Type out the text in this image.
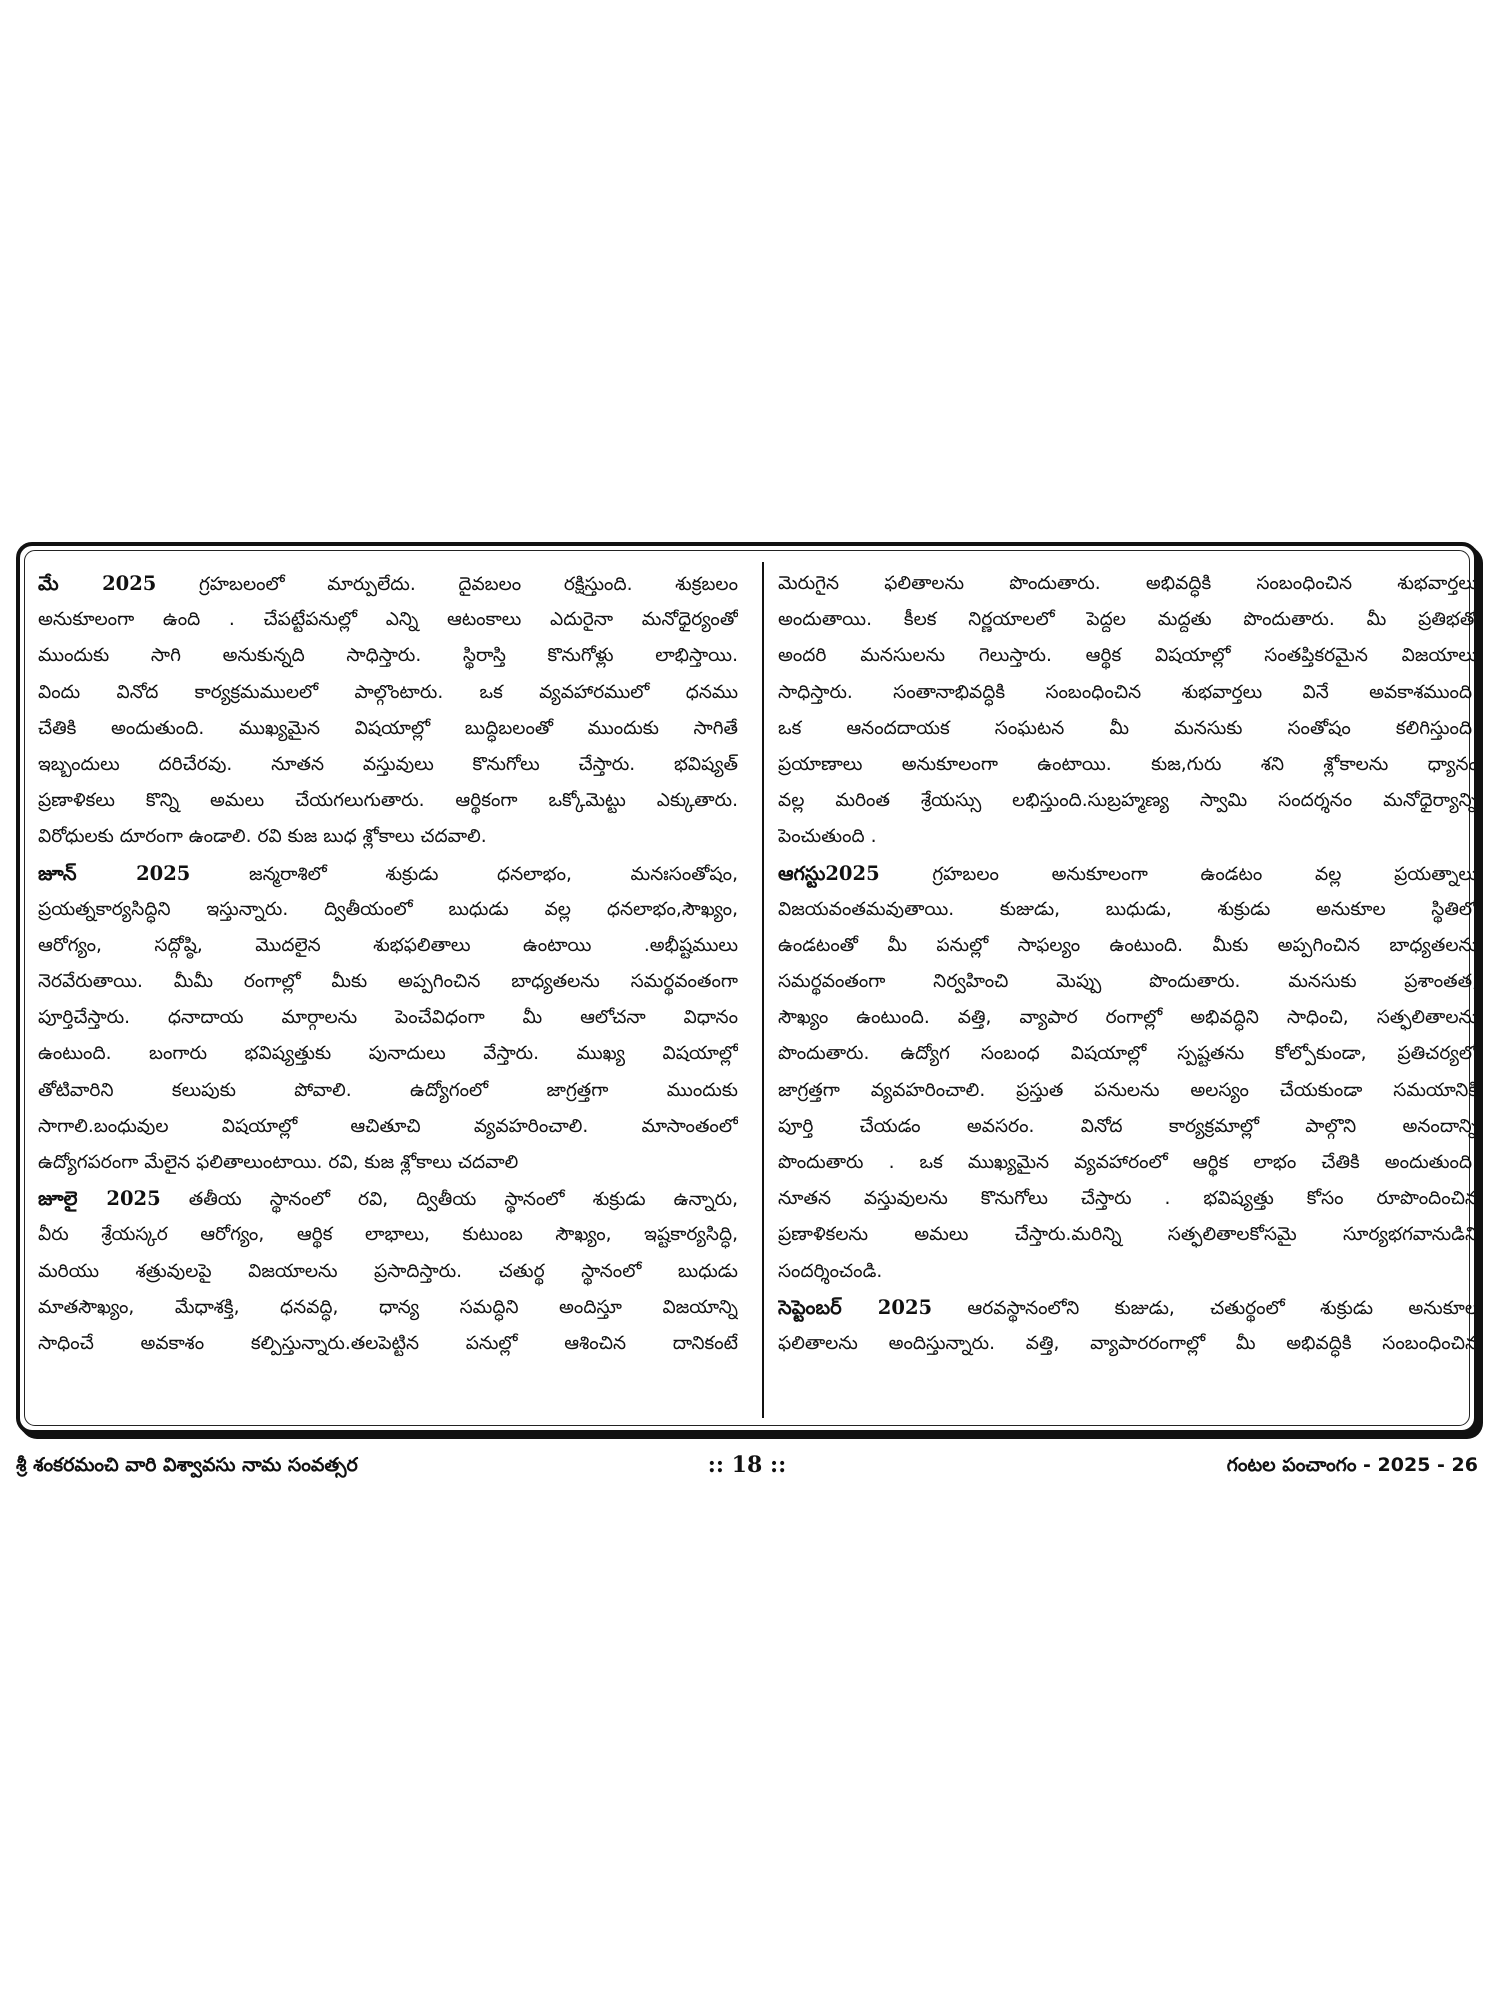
మే 2025 గ్రహబలంలో మార్పులేదు. దైవబలం రక్షిస్తుంది. శుక్రబలం
అనుకూలంగా ఉంది . చేపట్టేపనుల్లో ఎన్ని ఆటంకాలు ఎదురైనా మనోధైర్యంతో
ముందుకు సాగి అనుకున్నది సాధిస్తారు. స్థిరాస్తి కొనుగోళ్లు లాభిస్తాయి.
విందు వినోద కార్యక్రమములలో పాల్గొంటారు. ఒక వ్యవహారములో ధనము
చేతికి అందుతుంది. ముఖ్యమైన విషయాల్లో బుద్ధిబలంతో ముందుకు సాగితే
ఇబ్బందులు దరిచేరవు. నూతన వస్తువులు కొనుగోలు చేస్తారు. భవిష్యత్
ప్రణాళికలు కొన్ని అమలు చేయగలుగుతారు. ఆర్థికంగా ఒక్కోమెట్టు ఎక్కుతారు.
విరోధులకు దూరంగా ఉండాలి. రవి కుజ బుధ శ్లోకాలు చదవాలి.
జూన్ 2025 జన్మరాశిలో శుక్రుడు ధనలాభం, మనఃసంతోషం,
ప్రయత్నకార్యసిద్ధిని ఇస్తున్నారు. ద్వితీయంలో బుధుడు వల్ల ధనలాభం,సౌఖ్యం,
ఆరోగ్యం, సద్గోష్ఠి, మొదలైన శుభఫలితాలు ఉంటాయి .అభీష్టములు
నెరవేరుతాయి. మీమీ రంగాల్లో మీకు అప్పగించిన బాధ్యతలను సమర్థవంతంగా
పూర్తిచేస్తారు. ధనాదాయ మార్గాలను పెంచేవిధంగా మీ ఆలోచనా విధానం
ఉంటుంది. బంగారు భవిష్యత్తుకు పునాదులు వేస్తారు. ముఖ్య విషయాల్లో
తోటివారిని కలుపుకు పోవాలి. ఉద్యోగంలో జాగ్రత్తగా ముందుకు
సాగాలి.బంధువుల విషయాల్లో ఆచితూచి వ్యవహరించాలి. మాసాంతంలో
ఉద్యోగపరంగా మేలైన ఫలితాలుంటాయి. రవి, కుజ శ్లోకాలు చదవాలి
జూలై 2025 తతీయ స్థానంలో రవి, ద్వితీయ స్థానంలో శుక్రుడు ఉన్నారు,
వీరు శ్రేయస్కర ఆరోగ్యం, ఆర్థిక లాభాలు, కుటుంబ సౌఖ్యం, ఇష్టకార్యసిద్ధి,
మరియు శత్రువులపై విజయాలను ప్రసాదిస్తారు. చతుర్థ స్థానంలో బుధుడు
మాతసౌఖ్యం, మేధాశక్తి, ధనవద్ధి, ధాన్య సమద్ధిని అందిస్తూ విజయాన్ని
సాధించే అవకాశం కల్పిస్తున్నారు.తలపెట్టిన పనుల్లో ఆశించిన దానికంటే
మెరుగైన ఫలితాలను పొందుతారు. అభివద్ధికి సంబంధించిన శుభవార్తలు
అందుతాయి. కీలక నిర్ణయాలలో పెద్దల మద్దతు పొందుతారు. మీ ప్రతిభతో
అందరి మనసులను గెలుస్తారు. ఆర్థిక విషయాల్లో సంతప్తికరమైన విజయాలు
సాధిస్తారు. సంతానాభివద్ధికి సంబంధించిన శుభవార్తలు వినే అవకాశముంది.
ఒక ఆనందదాయక సంఘటన మీ మనసుకు సంతోషం కలిగిస్తుంది.
ప్రయాణాలు అనుకూలంగా ఉంటాయి. కుజ,గురు శని శ్లోకాలను ధ్యానం
వల్ల మరింత శ్రేయస్సు లభిస్తుంది.సుబ్రహ్మణ్య స్వామి సందర్శనం మనోధైర్యాన్ని
పెంచుతుంది .
ఆగస్టు2025 గ్రహబలం అనుకూలంగా ఉండటం వల్ల ప్రయత్నాలు
విజయవంతమవుతాయి. కుజుడు, బుధుడు, శుక్రుడు అనుకూల స్థితిలో
ఉండటంతో మీ పనుల్లో సాఫల్యం ఉంటుంది. మీకు అప్పగించిన బాధ్యతలను
సమర్థవంతంగా నిర్వహించి మెప్పు పొందుతారు. మనసుకు ప్రశాంతత,
సౌఖ్యం ఉంటుంది. వత్తి, వ్యాపార రంగాల్లో అభివద్ధిని సాధించి, సత్ఫలితాలను
పొందుతారు. ఉద్యోగ సంబంధ విషయాల్లో స్పష్టతను కోల్పోకుండా, ప్రతిచర్యలో
జాగ్రత్తగా వ్యవహరించాలి. ప్రస్తుత పనులను అలస్యం చేయకుండా సమయానికి
పూర్తి చేయడం అవసరం. వినోద కార్యక్రమాల్లో పాల్గొని అనందాన్ని
పొందుతారు . ఒక ముఖ్యమైన వ్యవహారంలో ఆర్థిక లాభం చేతికి అందుతుంది.
నూతన వస్తువులను కొనుగోలు చేస్తారు . భవిష్యత్తు కోసం రూపొందించిన
ప్రణాళికలను అమలు చేస్తారు.మరిన్ని సత్ఫలితాలకోసమై సూర్యభగవానుడిని
సందర్శించండి.
సెప్టెంబర్ 2025 ఆరవస్థానంలోని కుజుడు, చతుర్థంలో శుక్రుడు అనుకూల
ఫలితాలను అందిస్తున్నారు. వత్తి, వ్యాపారరంగాల్లో మీ అభివద్ధికి సంబంధించిన
శ్రీ శంకరమంచి వారి విశ్వావసు నామ సంవత్సర	:: 18 ::	గంటల పంచాంగం - 2025 - 26
